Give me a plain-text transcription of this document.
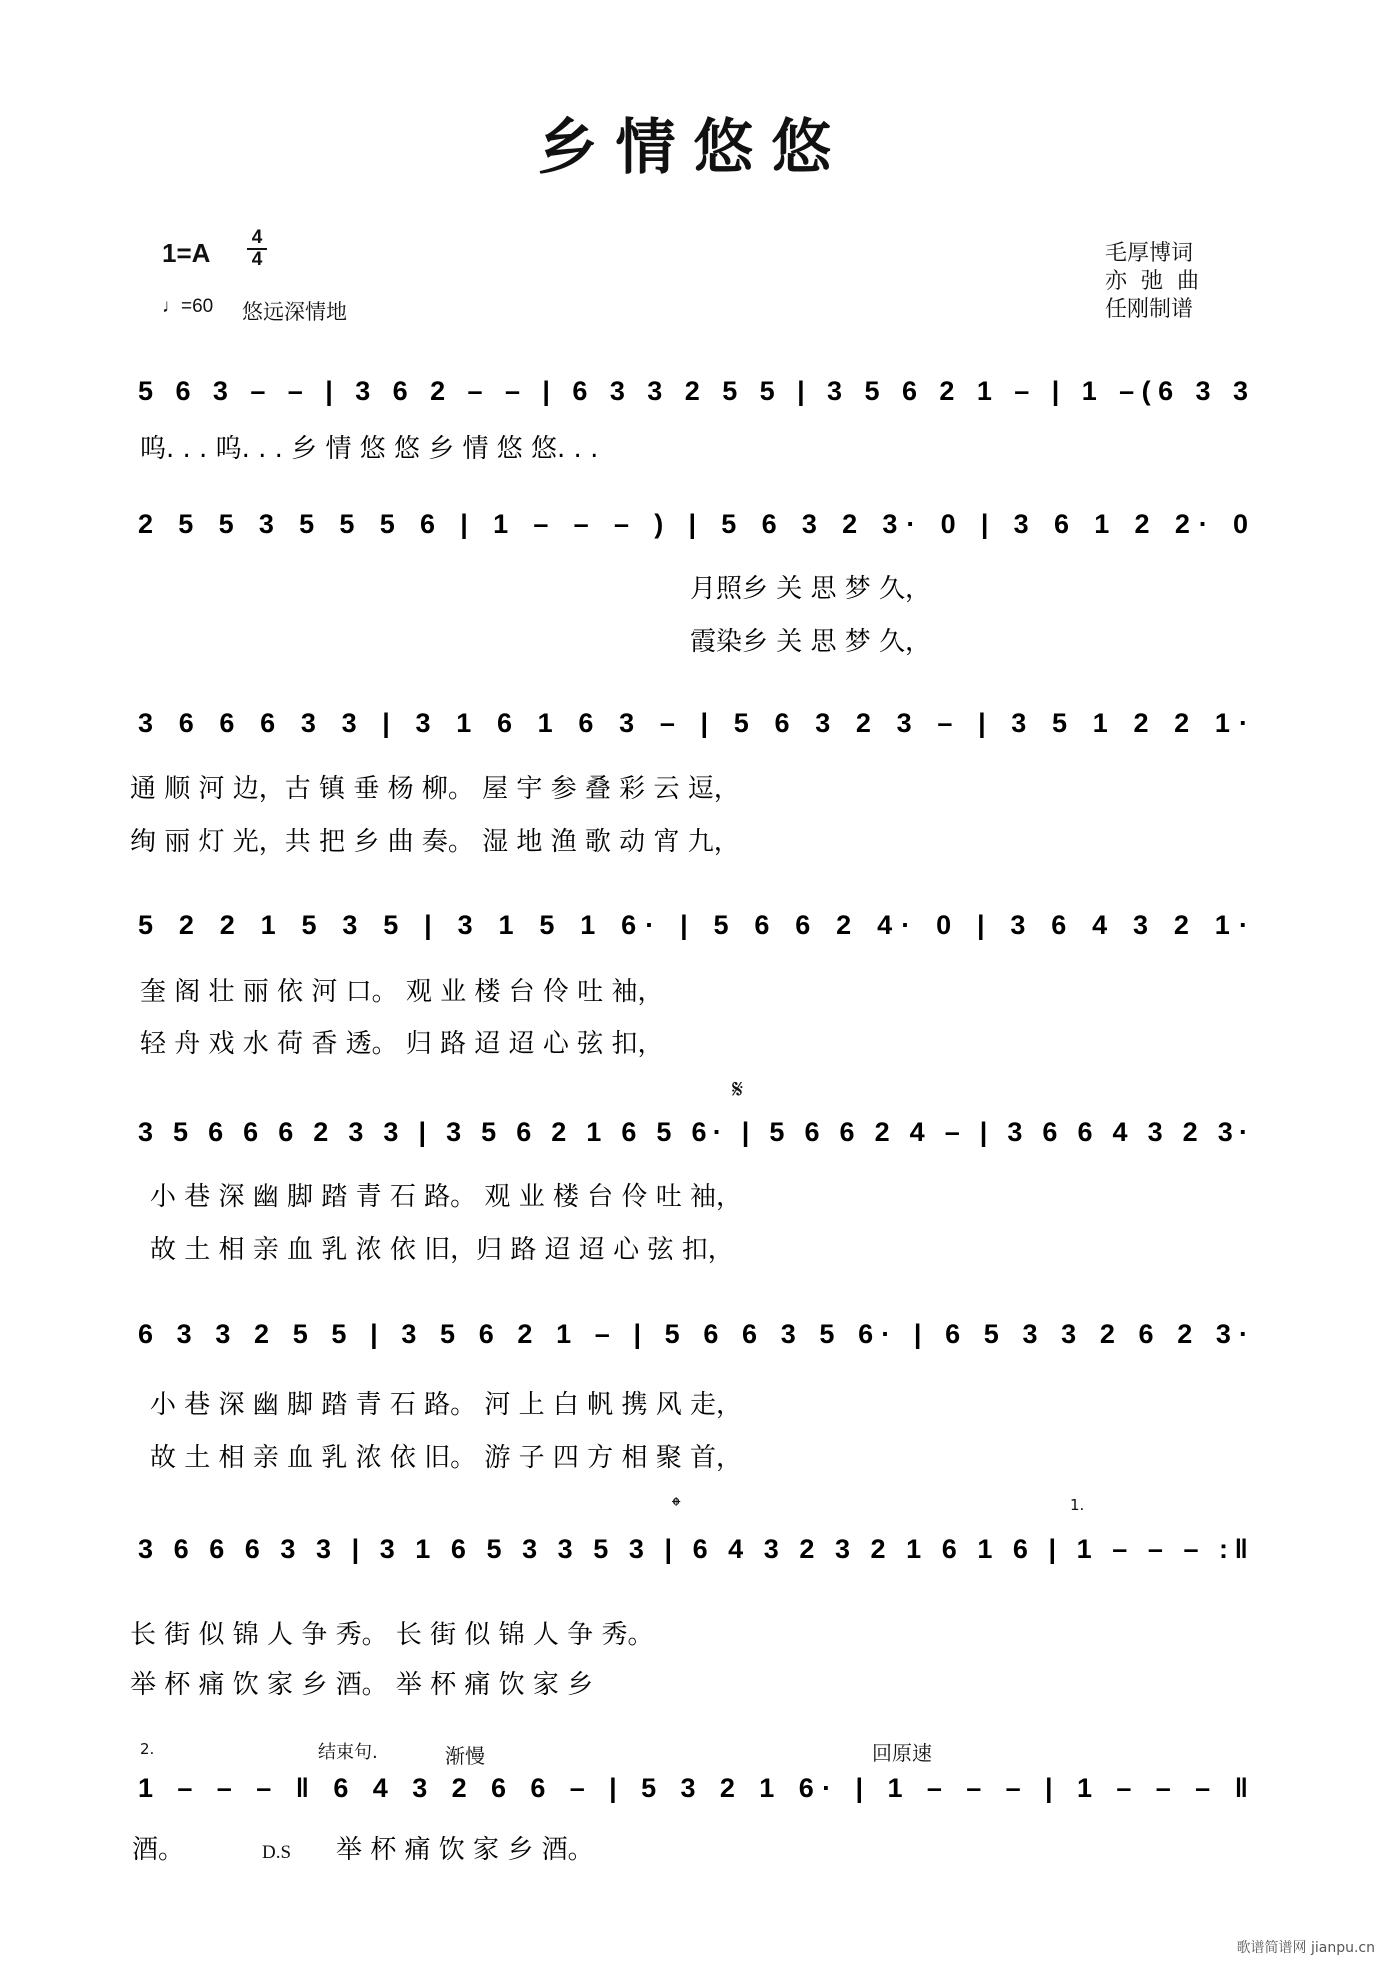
乡情悠悠
1=A
4
4
♩=60 悠远深情地
毛厚博词
亦  弛  曲
任刚制谱
𝄋
𝄌	1.
2.	结束句.	渐慢	回原速
D.S
5 6 3 – – | 3 6 2 – – | 6 3 3 2 5 5 | 3 5 6 2 1 – | 1 –(6 3 3
呜. . . 呜. . . 乡 情 悠 悠 乡 情 悠 悠. . .
2 5 5 3 5 5 5 6 | 1 – – – ) | 5 6 3 2 3· 0 | 3 6 1 2 2· 0
月照乡 关 思 梦 久，
霞染乡 关 思 梦 久，
3 6 6 6 3 3 | 3 1 6 1 6 3 – | 5 6 3 2 3 – | 3 5 1 2 2 1·
通 顺 河 边，古 镇 垂 杨 柳。 屋 宇 参 叠 彩 云 逗，
绚 丽 灯 光，共 把 乡 曲 奏。 湿 地 渔 歌 动 宵 九，
5 2 2 1 5 3 5 | 3 1 5 1 6· | 5 6 6 2 4· 0 | 3 6 4 3 2 1·
奎 阁 壮 丽 依 河 口。 观 业 楼 台 伶 吐 袖，
轻 舟 戏 水 荷 香 透。 归 路 迢 迢 心 弦 扣，
3 5 6 6 6 2 3 3 | 3 5 6 2 1 6 5 6· | 5 6 6 2 4 – | 3 6 6 4 3 2 3·
小 巷 深 幽 脚 踏 青 石 路。 观 业 楼 台 伶 吐 袖，
故 土 相 亲 血 乳 浓 依 旧，归 路 迢 迢 心 弦 扣，
6 3 3 2 5 5 | 3 5 6 2 1 – | 5 6 6 3 5 6· | 6 5 3 3 2 6 2 3·
小 巷 深 幽 脚 踏 青 石 路。 河 上 白 帆 携 风 走，
故 土 相 亲 血 乳 浓 依 旧。 游 子 四 方 相 聚 首，
3 6 6 6 3 3 | 3 1 6 5 3 3 5 3 | 6 4 3 2 3 2 1 6 1 6 | 1 – – – :‖
长 街 似 锦 人 争 秀。 长 街 似 锦 人 争 秀。
举 杯 痛 饮 家 乡 酒。 举 杯 痛 饮 家 乡
1 – – – ‖ 6 4 3 2 6 6 – | 5 3 2 1 6· | 1 – – – | 1 – – – ‖
酒。	举 杯 痛 饮 家 乡 酒。
歌谱简谱网 jianpu.cn
